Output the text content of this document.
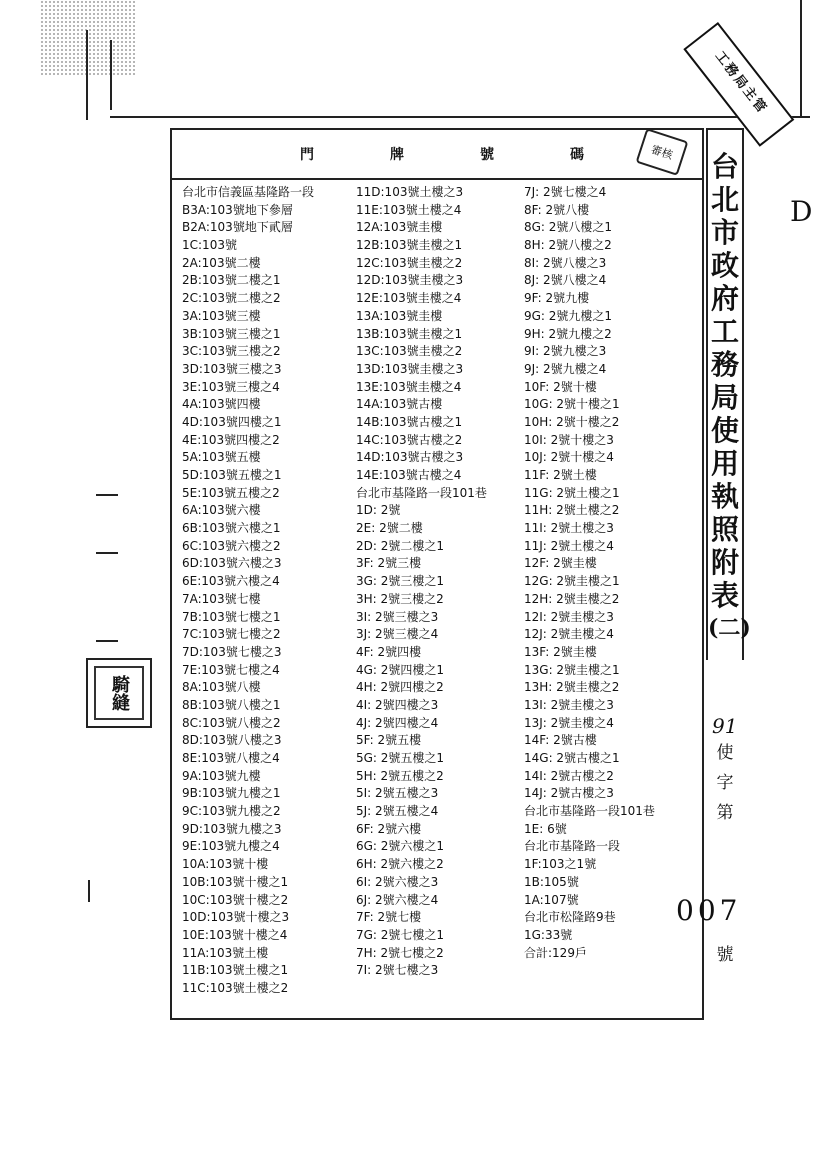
工務局主管
騎縫
D
門	牌	號	碼	審核
台北市信義區基隆路一段
B3A:103號地下參層
B2A:103號地下貳層
1C:103號
2A:103號二樓
2B:103號二樓之1
2C:103號二樓之2
3A:103號三樓
3B:103號三樓之1
3C:103號三樓之2
3D:103號三樓之3
3E:103號三樓之4
4A:103號四樓
4D:103號四樓之1
4E:103號四樓之2
5A:103號五樓
5D:103號五樓之1
5E:103號五樓之2
6A:103號六樓
6B:103號六樓之1
6C:103號六樓之2
6D:103號六樓之3
6E:103號六樓之4
7A:103號七樓
7B:103號七樓之1
7C:103號七樓之2
7D:103號七樓之3
7E:103號七樓之4
8A:103號八樓
8B:103號八樓之1
8C:103號八樓之2
8D:103號八樓之3
8E:103號八樓之4
9A:103號九樓
9B:103號九樓之1
9C:103號九樓之2
9D:103號九樓之3
9E:103號九樓之4
10A:103號十樓
10B:103號十樓之1
10C:103號十樓之2
10D:103號十樓之3
10E:103號十樓之4
11A:103號土樓
11B:103號土樓之1
11C:103號土樓之2
11D:103號土樓之3
11E:103號土樓之4
12A:103號圭樓
12B:103號圭樓之1
12C:103號圭樓之2
12D:103號圭樓之3
12E:103號圭樓之4
13A:103號圭樓
13B:103號圭樓之1
13C:103號圭樓之2
13D:103號圭樓之3
13E:103號圭樓之4
14A:103號古樓
14B:103號古樓之1
14C:103號古樓之2
14D:103號古樓之3
14E:103號古樓之4
台北市基隆路一段101巷
1D: 2號
2E: 2號二樓
2D: 2號二樓之1
3F: 2號三樓
3G: 2號三樓之1
3H: 2號三樓之2
3I: 2號三樓之3
3J: 2號三樓之4
4F: 2號四樓
4G: 2號四樓之1
4H: 2號四樓之2
4I: 2號四樓之3
4J: 2號四樓之4
5F: 2號五樓
5G: 2號五樓之1
5H: 2號五樓之2
5I: 2號五樓之3
5J: 2號五樓之4
6F: 2號六樓
6G: 2號六樓之1
6H: 2號六樓之2
6I: 2號六樓之3
6J: 2號六樓之4
7F: 2號七樓
7G: 2號七樓之1
7H: 2號七樓之2
7I: 2號七樓之3
7J: 2號七樓之4
8F: 2號八樓
8G: 2號八樓之1
8H: 2號八樓之2
8I: 2號八樓之3
8J: 2號八樓之4
9F: 2號九樓
9G: 2號九樓之1
9H: 2號九樓之2
9I: 2號九樓之3
9J: 2號九樓之4
10F: 2號十樓
10G: 2號十樓之1
10H: 2號十樓之2
10I: 2號十樓之3
10J: 2號十樓之4
11F: 2號土樓
11G: 2號土樓之1
11H: 2號土樓之2
11I: 2號土樓之3
11J: 2號土樓之4
12F: 2號圭樓
12G: 2號圭樓之1
12H: 2號圭樓之2
12I: 2號圭樓之3
12J: 2號圭樓之4
13F: 2號圭樓
13G: 2號圭樓之1
13H: 2號圭樓之2
13I: 2號圭樓之3
13J: 2號圭樓之4
14F: 2號古樓
14G: 2號古樓之1
14I: 2號古樓之2
14J: 2號古樓之3
台北市基隆路一段101巷
1E: 6號
台北市基隆路一段
1F:103之1號
1B:105號
1A:107號
台北市松隆路9巷
1G:33號
合計:129戶
台
北
市
政
府
工
務
局
使
用
執
照
附
表
(二)
91
使
字
第
007
號
